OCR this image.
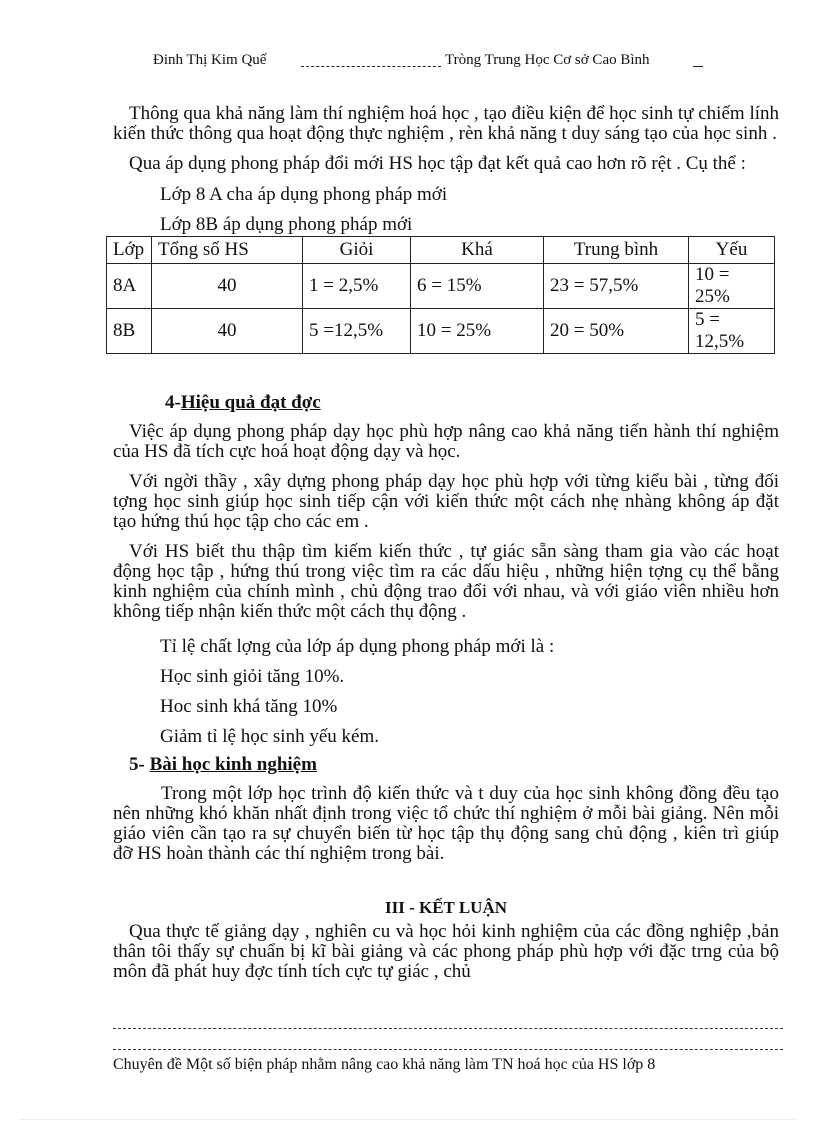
Đinh Thị Kim Quế	Tròng Trung Học Cơ sở Cao Bình

Thông qua khả năng làm thí nghiệm hoá học , tạo điều kiện để học sinh tự chiếm lính kiến thức thông qua hoạt động thực nghiệm , rèn khả năng t duy sáng tạo của học sinh .

Qua áp dụng phong pháp đổi mới HS học tập đạt kết quả cao hơn rõ rệt . Cụ thể :

Lớp 8 A cha áp dụng phong pháp mới

Lớp 8B áp dụng phong pháp mới

Lớp	Tổng số HS	Giỏi	Khá	Trung bình	Yếu
8A	40	1 = 2,5%	6 = 15%	23 = 57,5%	10 = 25%
8B	40	5 =12,5%	10 = 25%	20 = 50%	5 = 12,5%

4-Hiệu quả đạt đợc

Việc áp dụng phong pháp dạy học phù hợp nâng cao khả năng tiến hành thí nghiệm của HS đã tích cực hoá hoạt động dạy và học.

Với ngời thầy , xây dựng phong pháp dạy học phù hợp với từng kiểu bài , từng đối tợng học sinh giúp học sinh tiếp cận với kiến thức một cách nhẹ nhàng không áp đặt tạo hứng thú học tập cho các em .

Với HS biết thu thập tìm kiếm kiến thức , tự giác sẵn sàng tham gia vào các hoạt động học tập , hứng thú trong việc tìm ra các dấu hiệu , những hiện tợng cụ thể bằng kinh nghiệm của chính mình , chủ động trao đổi với nhau, và với giáo viên nhiều hơn không tiếp nhận kiến thức một cách thụ động .

Tỉ lệ chất lợng của lớp áp dụng phong pháp mới là :

Học sinh giỏi tăng 10%.

Hoc sinh khá tăng 10%

Giảm tỉ lệ học sinh yếu kém.

5- Bài học kinh nghiệm

Trong một lớp học trình độ kiến thức và t duy của học sinh không đồng đều tạo nên những khó khăn nhất định trong việc tổ chức thí nghiệm ở mỗi bài giảng. Nên mỗi giáo viên cần tạo ra sự chuyển biến từ học tập thụ động sang chủ động , kiên trì giúp đỡ HS hoàn thành các thí nghiệm trong bài.

III - KẾT LUẬN

Qua thực tế giảng dạy , nghiên cu và học hỏi kinh nghiệm của các đồng nghiệp ,bản thân tôi thấy sự chuẩn bị kĩ bài giảng và các phong pháp phù hợp với đặc trng của bộ môn đã phát huy đợc tính tích cực tự giác , chủ

Chuyên đề Một số biện pháp nhằm nâng cao khả năng làm TN hoá học của HS lớp 8
